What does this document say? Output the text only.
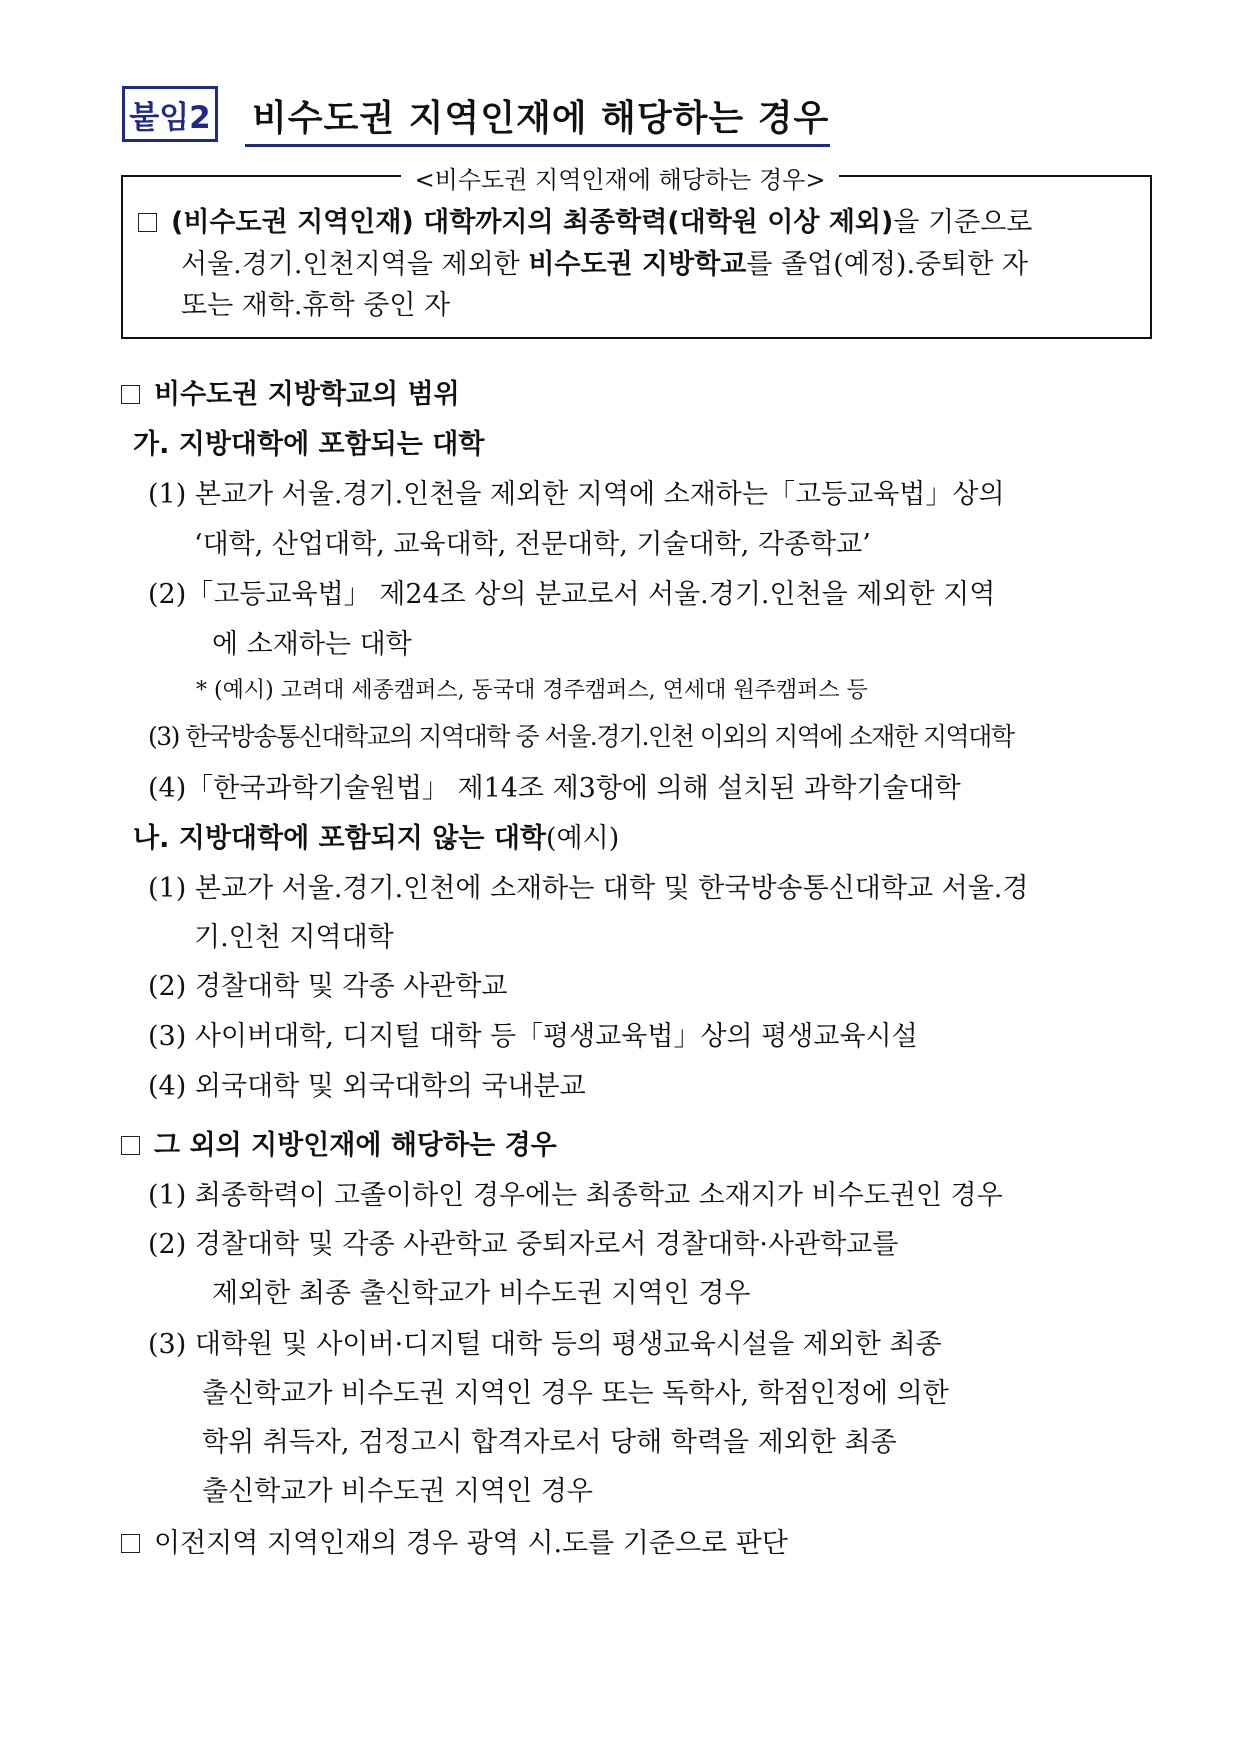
붙임2 비수도권 지역인재에 해당하는 경우
<비수도권 지역인재에 해당하는 경우>
(비수도권 지역인재) 대학까지의 최종학력(대학원 이상 제외)을 기준으로
서울.경기.인천지역을 제외한 비수도권 지방학교를 졸업(예정).중퇴한 자
또는 재학.휴학 중인 자
비수도권 지방학교의 범위
가. 지방대학에 포함되는 대학
(1) 본교가 서울.경기.인천을 제외한 지역에 소재하는「고등교육법」상의
‘대학, 산업대학, 교육대학, 전문대학, 기술대학, 각종학교’
(2)「고등교육법」 제24조 상의 분교로서 서울.경기.인천을 제외한 지역
에 소재하는 대학
* (예시) 고려대 세종캠퍼스, 동국대 경주캠퍼스, 연세대 원주캠퍼스 등
(3) 한국방송통신대학교의 지역대학 중 서울.경기.인천 이외의 지역에 소재한 지역대학
(4)「한국과학기술원법」 제14조 제3항에 의해 설치된 과학기술대학
나. 지방대학에 포함되지 않는 대학(예시)
(1) 본교가 서울.경기.인천에 소재하는 대학 및 한국방송통신대학교 서울.경
기.인천 지역대학
(2) 경찰대학 및 각종 사관학교
(3) 사이버대학, 디지털 대학 등「평생교육법」상의 평생교육시설
(4) 외국대학 및 외국대학의 국내분교
그 외의 지방인재에 해당하는 경우
(1) 최종학력이 고졸이하인 경우에는 최종학교 소재지가 비수도권인 경우
(2) 경찰대학 및 각종 사관학교 중퇴자로서 경찰대학·사관학교를
제외한 최종 출신학교가 비수도권 지역인 경우
(3) 대학원 및 사이버·디지털 대학 등의 평생교육시설을 제외한 최종
출신학교가 비수도권 지역인 경우 또는 독학사, 학점인정에 의한
학위 취득자, 검정고시 합격자로서 당해 학력을 제외한 최종
출신학교가 비수도권 지역인 경우
이전지역 지역인재의 경우 광역 시.도를 기준으로 판단
